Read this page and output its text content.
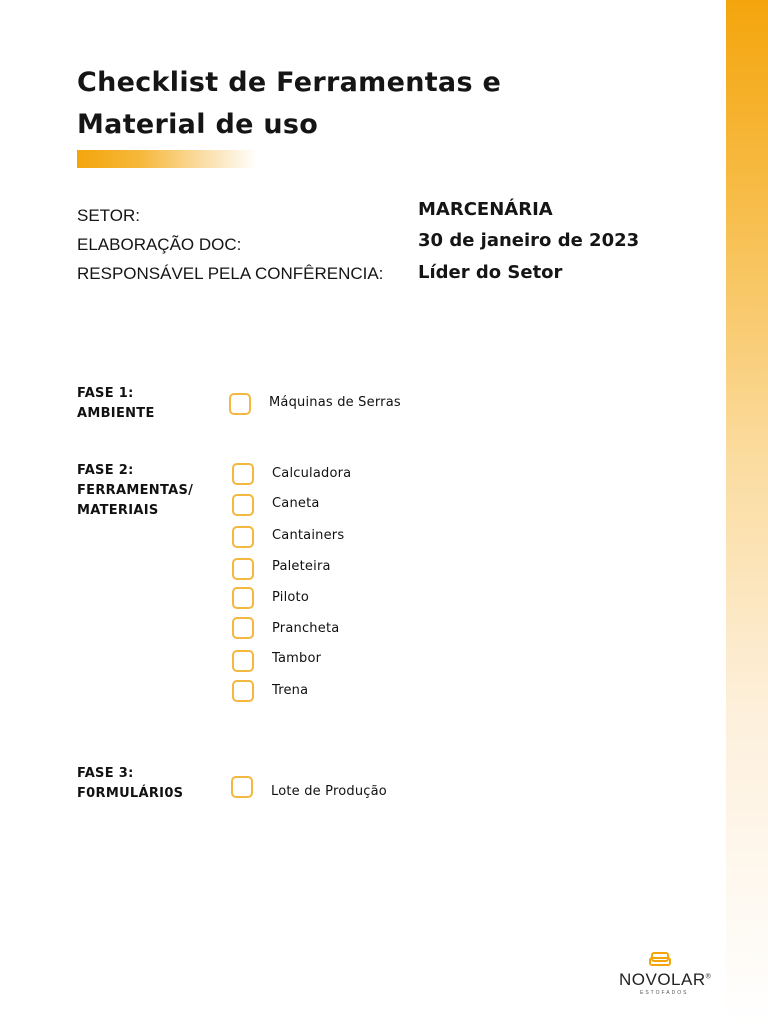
Checklist de Ferramentas e
Material de uso
SETOR:
ELABORAÇÃO DOC:
RESPONSÁVEL PELA CONFÊRENCIA:
MARCENÁRIA
30 de janeiro de 2023
Líder do Setor
FASE 1:
AMBIENTE
Máquinas de Serras
FASE 2:
FERRAMENTAS/
MATERIAIS
Calculadora
Caneta
Cantainers
Paleteira
Piloto
Prancheta
Tambor
Trena
FASE 3:
F0RMULÁRI0S	Lote de Produção
NOVOLAR®
ESTOFADOS
